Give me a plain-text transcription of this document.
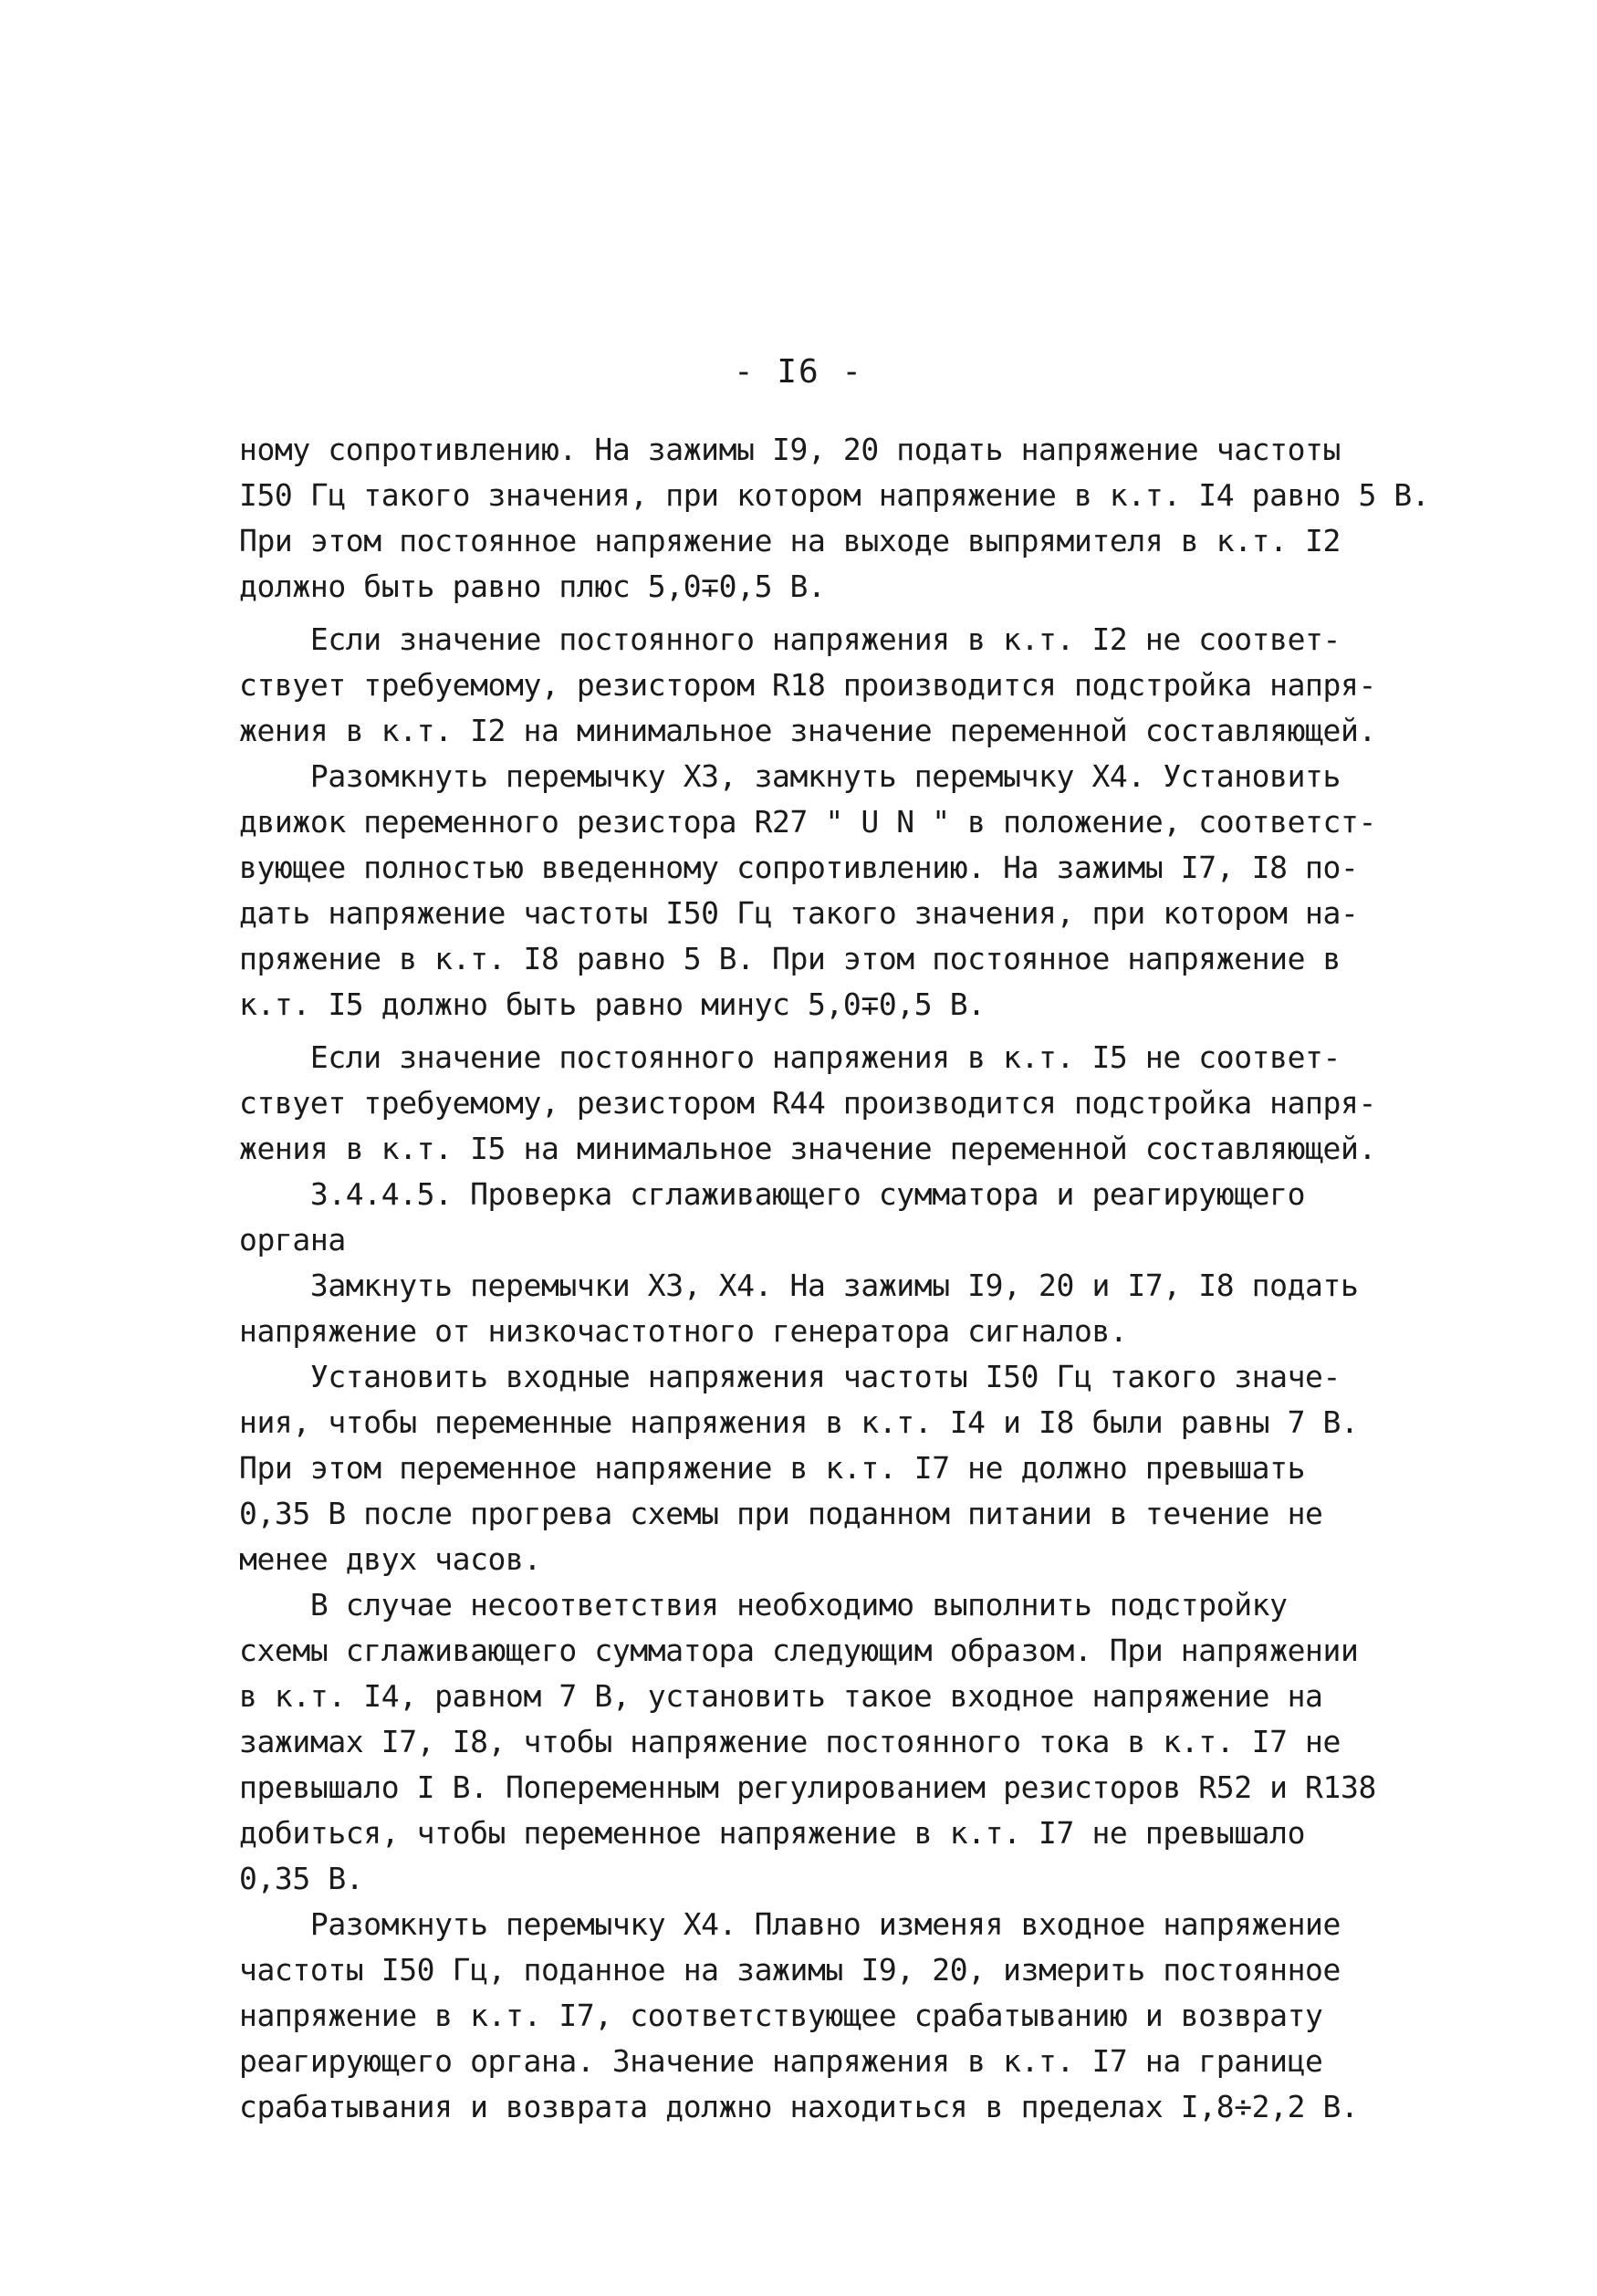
- I6 -
ному сопротивлению. На зажимы I9, 20 подать напряжение частоты
I50 Гц такого значения, при котором напряжение в к.т. I4 равно 5 В.
При этом постоянное напряжение на выходе выпрямителя в к.т. I2
должно быть равно плюс 5,0∓0,5 В.
Если значение постоянного напряжения в к.т. I2 не соответ-
ствует требуемому, резистором R18 производится подстройка напря-
жения в к.т. I2 на минимальное значение переменной составляющей.
Разомкнуть перемычку Х3, замкнуть перемычку Х4. Установить
движок переменного резистора R27 " U N " в положение, соответст-
вующее полностью введенному сопротивлению. На зажимы I7, I8 по-
дать напряжение частоты I50 Гц такого значения, при котором на-
пряжение в к.т. I8 равно 5 В. При этом постоянное напряжение в
к.т. I5 должно быть равно минус 5,0∓0,5 В.
Если значение постоянного напряжения в к.т. I5 не соответ-
ствует требуемому, резистором R44 производится подстройка напря-
жения в к.т. I5 на минимальное значение переменной составляющей.
3.4.4.5. Проверка сглаживающего сумматора и реагирующего
органа
Замкнуть перемычки Х3, Х4. На зажимы I9, 20 и I7, I8 подать
напряжение от низкочастотного генератора сигналов.
Установить входные напряжения частоты I50 Гц такого значе-
ния, чтобы переменные напряжения в к.т. I4 и I8 были равны 7 В.
При этом переменное напряжение в к.т. I7 не должно превышать
0,35 В после прогрева схемы при поданном питании в течение не
менее двух часов.
В случае несоответствия необходимо выполнить подстройку
схемы сглаживающего сумматора следующим образом. При напряжении
в к.т. I4, равном 7 В, установить такое входное напряжение на
зажимах I7, I8, чтобы напряжение постоянного тока в к.т. I7 не
превышало I В. Попеременным регулированием резисторов R52 и R138
добиться, чтобы переменное напряжение в к.т. I7 не превышало
0,35 В.
Разомкнуть перемычку Х4. Плавно изменяя входное напряжение
частоты I50 Гц, поданное на зажимы I9, 20, измерить постоянное
напряжение в к.т. I7, соответствующее срабатыванию и возврату
реагирующего органа. Значение напряжения в к.т. I7 на границе
срабатывания и возврата должно находиться в пределах I,8÷2,2 В.
